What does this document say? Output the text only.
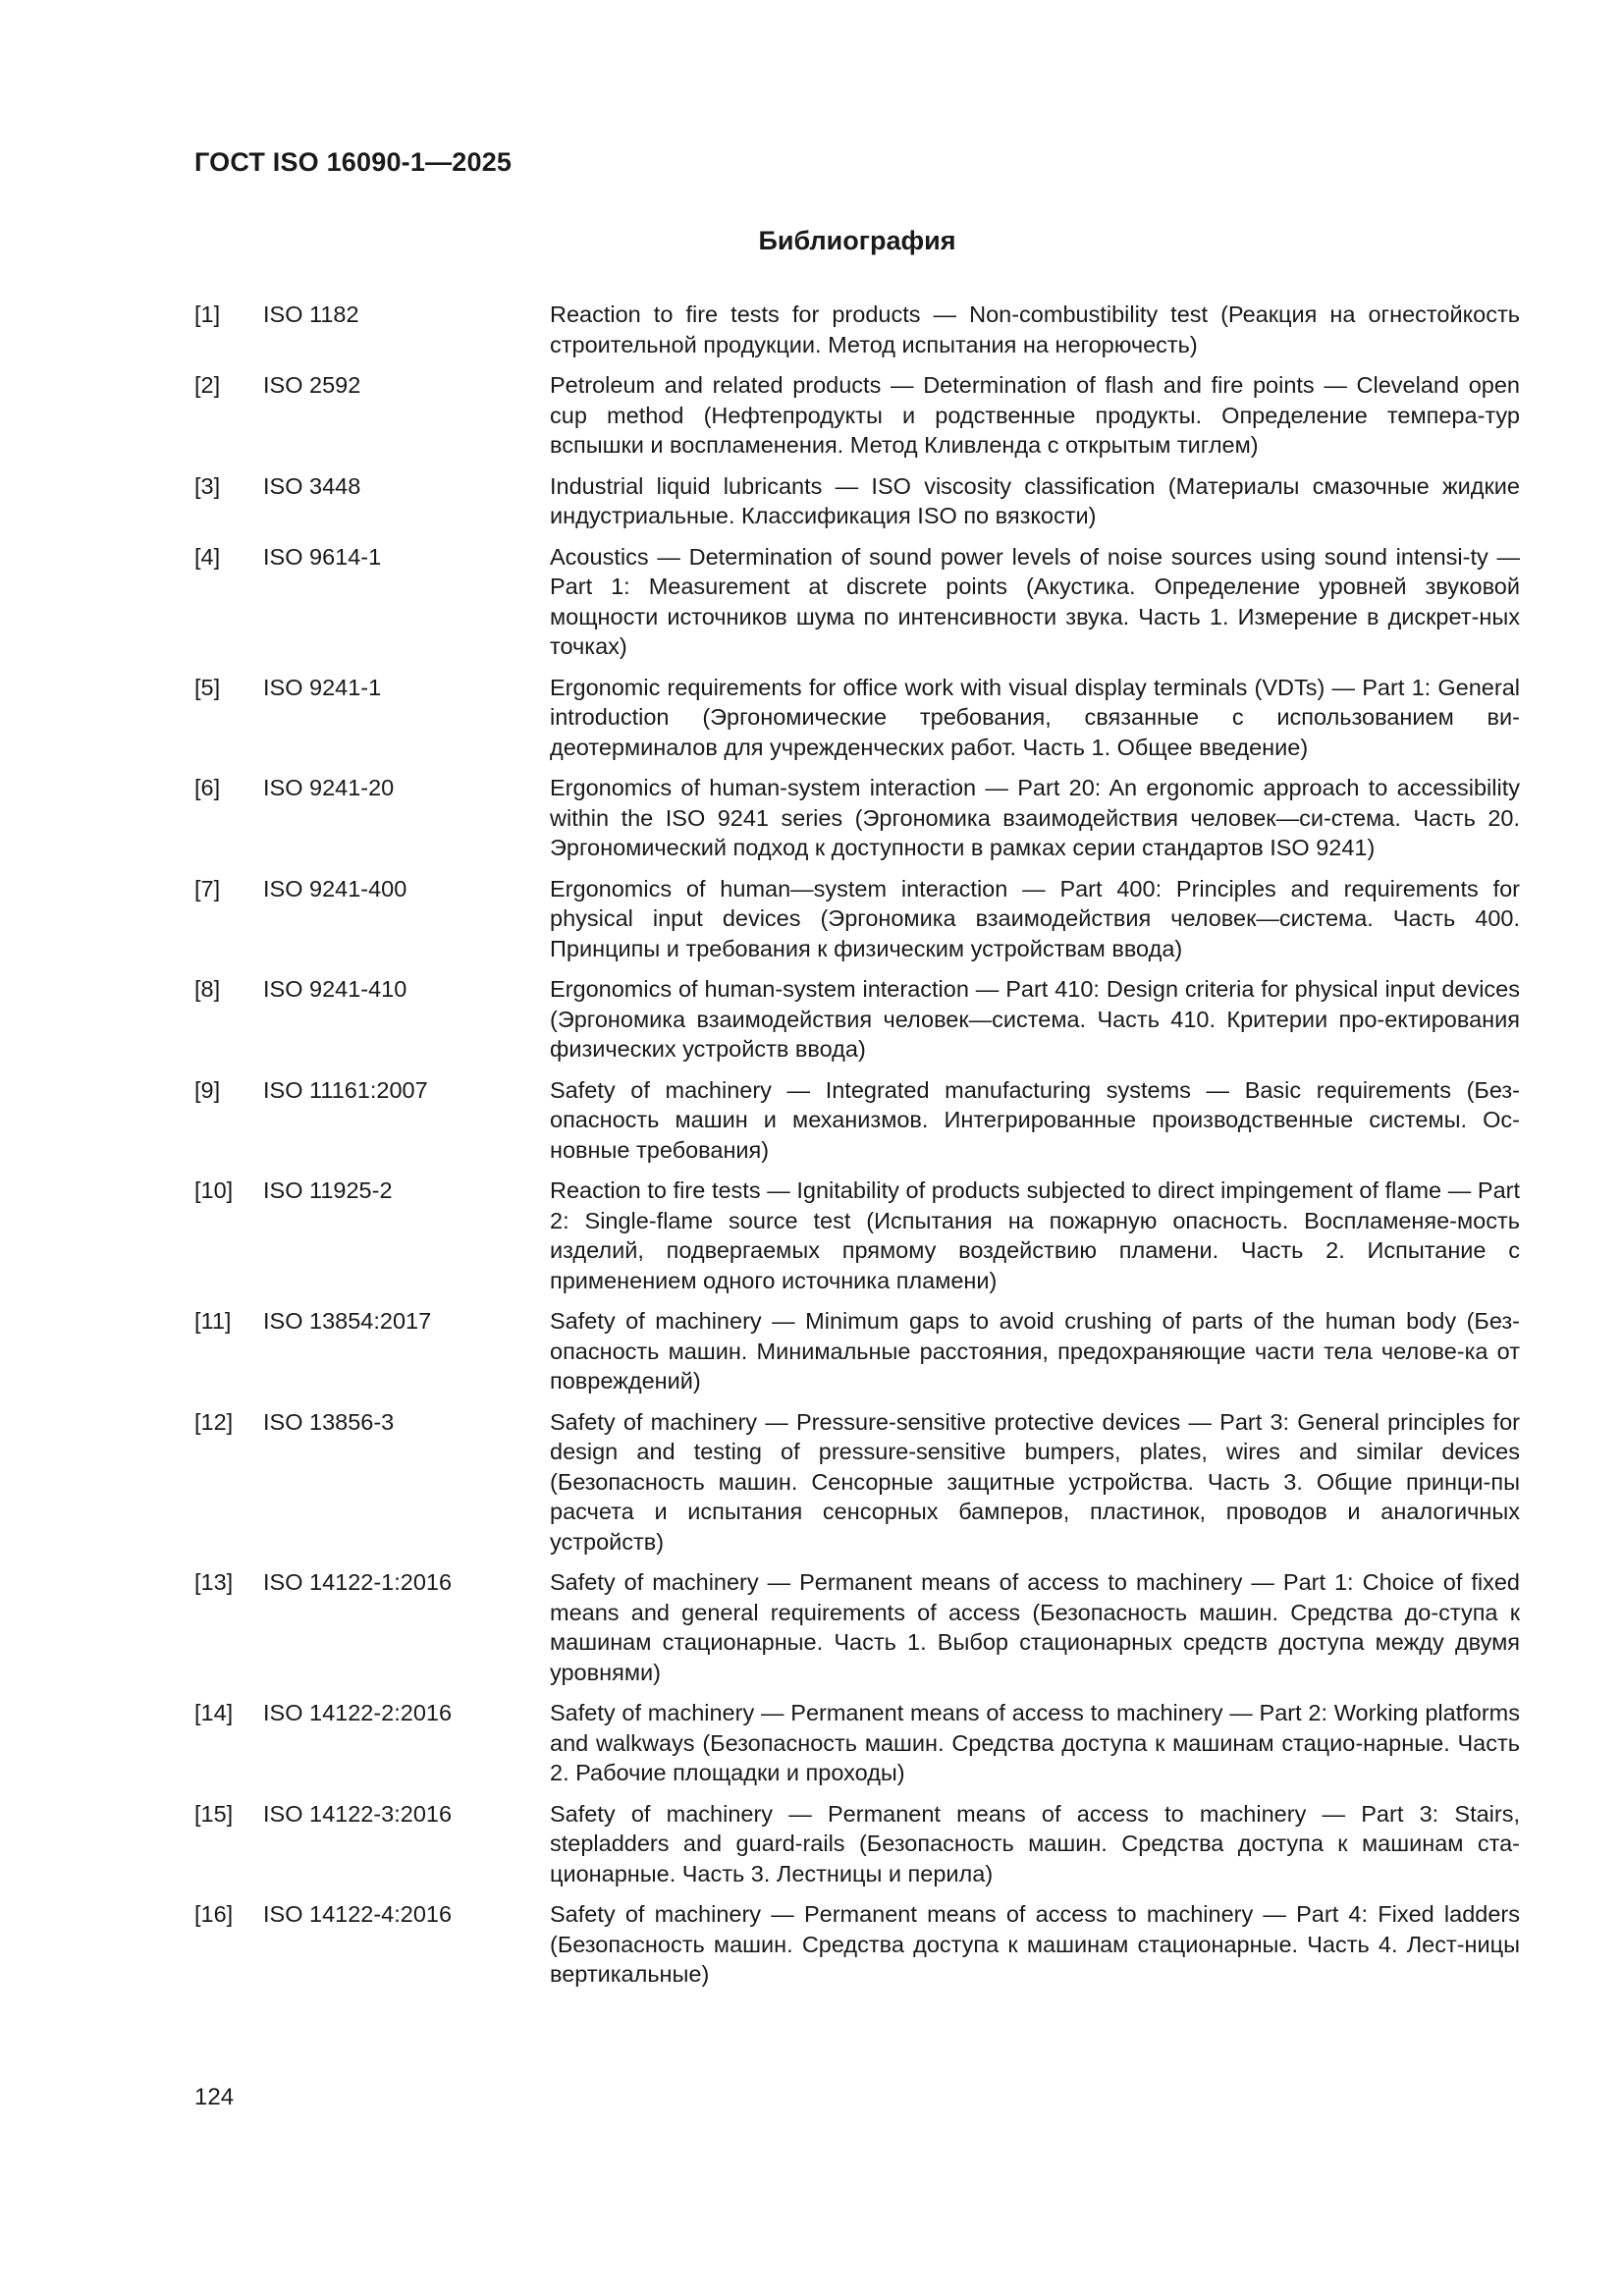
ГОСТ ISO 16090-1—2025
Библиография
[1]	ISO 1182	Reaction to fire tests for products — Non-combustibility test (Реакция на огнестойкость строительной продукции. Метод испытания на негорючесть)
[2]	ISO 2592	Petroleum and related products — Determination of flash and fire points — Cleveland open cup method (Нефтепродукты и родственные продукты. Определение темпера-тур вспышки и воспламенения. Метод Кливленда с открытым тиглем)
[3]	ISO 3448	Industrial liquid lubricants — ISO viscosity classification (Материалы смазочные жидкие индустриальные. Классификация ISO по вязкости)
[4]	ISO 9614-1	Acoustics — Determination of sound power levels of noise sources using sound intensi-ty — Part 1: Measurement at discrete points (Акустика. Определение уровней звуковой мощности источников шума по интенсивности звука. Часть 1. Измерение в дискрет-ных точках)
[5]	ISO 9241-1	Ergonomic requirements for office work with visual display terminals (VDTs) — Part 1: General introduction (Эргономические требования, связанные с использованием ви-деотерминалов для учрежденческих работ. Часть 1. Общее введение)
[6]	ISO 9241-20	Ergonomics of human-system interaction — Part 20: An ergonomic approach to accessibility within the ISO 9241 series (Эргономика взаимодействия человек—си-стема. Часть 20. Эргономический подход к доступности в рамках серии стандартов ISO 9241)
[7]	ISO 9241-400	Ergonomics of human—system interaction — Part 400: Principles and requirements for physical input devices (Эргономика взаимодействия человек—система. Часть 400. Принципы и требования к физическим устройствам ввода)
[8]	ISO 9241-410	Ergonomics of human-system interaction — Part 410: Design criteria for physical input devices (Эргономика взаимодействия человек—система. Часть 410. Критерии про-ектирования физических устройств ввода)
[9]	ISO 11161:2007	Safety of machinery — Integrated manufacturing systems — Basic requirements (Без-опасность машин и механизмов. Интегрированные производственные системы. Ос-новные требования)
[10]	ISO 11925-2	Reaction to fire tests — Ignitability of products subjected to direct impingement of flame — Part 2: Single-flame source test (Испытания на пожарную опасность. Воспламеняе-мость изделий, подвергаемых прямому воздействию пламени. Часть 2. Испытание с применением одного источника пламени)
[11]	ISO 13854:2017	Safety of machinery — Minimum gaps to avoid crushing of parts of the human body (Без-опасность машин. Минимальные расстояния, предохраняющие части тела челове-ка от повреждений)
[12]	ISO 13856-3	Safety of machinery — Pressure-sensitive protective devices — Part 3: General principles for design and testing of pressure-sensitive bumpers, plates, wires and similar devices (Безопасность машин. Сенсорные защитные устройства. Часть 3. Общие принци-пы расчета и испытания сенсорных бамперов, пластинок, проводов и аналогичных устройств)
[13]	ISO 14122-1:2016	Safety of machinery — Permanent means of access to machinery — Part 1: Choice of fixed means and general requirements of access (Безопасность машин. Средства до-ступа к машинам стационарные. Часть 1. Выбор стационарных средств доступа между двумя уровнями)
[14]	ISO 14122-2:2016	Safety of machinery — Permanent means of access to machinery — Part 2: Working platforms and walkways (Безопасность машин. Средства доступа к машинам стацио-нарные. Часть 2. Рабочие площадки и проходы)
[15]	ISO 14122-3:2016	Safety of machinery — Permanent means of access to machinery — Part 3: Stairs, stepladders and guard-rails (Безопасность машин. Средства доступа к машинам ста-ционарные. Часть 3. Лестницы и перила)
[16]	ISO 14122-4:2016	Safety of machinery — Permanent means of access to machinery — Part 4: Fixed ladders (Безопасность машин. Средства доступа к машинам стационарные. Часть 4. Лест-ницы вертикальные)
124
